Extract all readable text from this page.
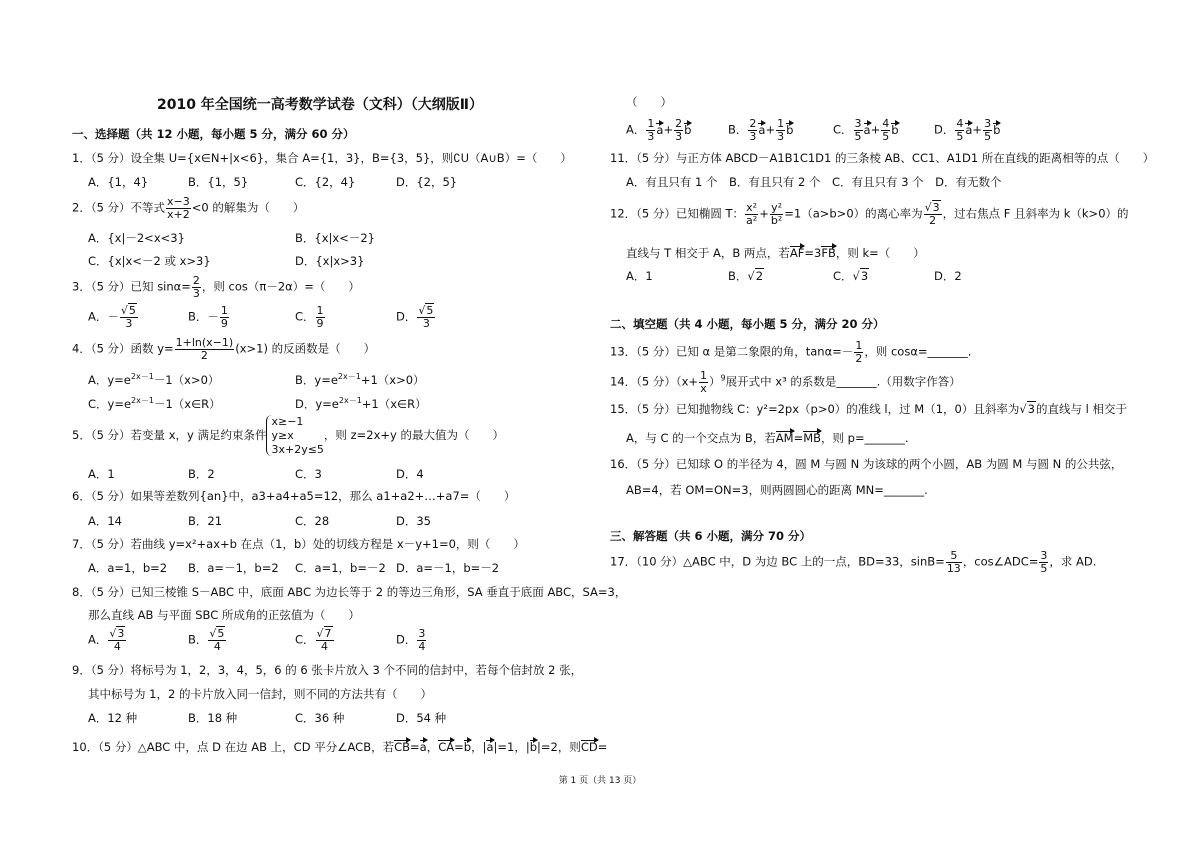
2010 年全国统一高考数学试卷（文科）（大纲版Ⅱ）
一、选择题（共 12 小题，每小题 5 分，满分 60 分）
1．（5 分）设全集 U={x∈N+|x<6}，集合 A={1，3}，B={3，5}，则∁U（A∪B）=（　　）
A．{1，4}	B．{1，5}	C．{2，4}	D．{2，5}
2．（5 分）不等式 $\frac{x-3}{x+2} <0$ 的解集为（　　）
A．{x|－2<x<3}	B．{x|x<－2}
C．{x|x<－2 或 x>3}	D．{x|x>3}
3．（5 分）已知 $\sin\alpha= \frac{2}{3}$ ，则 cos（π－2α）=（　　）
A．－ $\frac{√5}{3}$	B．－ $\frac{1}{9}$	C． $\frac{1}{9}$	D． $\frac{√5}{3}$
4．（5 分）函数 $y= \frac{1+\ln(x-1)}{2} (x>1)$ 的反函数是（　　）
A．$y=e^{2x-1}-1(x>0)$	B．$y=e^{2x-1}+1(x>0)$
C．$y=e^{2x-1}-1(x\in R)$	D．$y=e^{2x-1}+1(x\in R)$
5．（5 分）若变量 x，y 满足约束条件
x≥−1
y≥x
3x+2y≤5
，则 z=2x+y 的最大值为（　　）
A．1	B．2	C．3	D．4
6．（5 分）如果等差数列{an}中，a3+a4+a5=12，那么 a1+a2+…+a7=（　　）
A．14	B．21	C．28	D．35
7．（5 分）若曲线 y=x²+ax+b 在点（1，b）处的切线方程是 x－y+1=0，则（　　）
A．a=1，b=2 B．a=－1，b=2 C．a=1，b=－2 D．a=－1，b=－2
8．（5 分）已知三棱锥 S－ABC 中，底面 ABC 为边长等于 2 的等边三角形，SA 垂直于底面 ABC，SA=3，
那么直线 AB 与平面 SBC 所成角的正弦值为（　　）
A． $\frac{√3}{4}$	B． $\frac{√5}{4}$	C． $\frac{√7}{4}$	D． $\frac{3}{4}$
9．（5 分）将标号为 1，2，3，4，5，6 的 6 张卡片放入 3 个不同的信封中，若每个信封放 2 张，
其中标号为 1，2 的卡片放入同一信封，则不同的方法共有（　　）
A．12 种	B．18 种	C．36 种	D．54 种
10．（5 分）△ABC 中，点 D 在边 AB 上，CD 平分∠ACB，若CB=a，CA=b，|a|=1，|b|=2，则CD=
第 1 页（共 13 页）
（　　）
A． $\frac{1}{3} a+ \frac{2}{3}$ b	B． $\frac{2}{3} a+ \frac{1}{3}$ b	C． $\frac{3}{5} a+ \frac{4}{5}$ b	D． $\frac{4}{5} a+ \frac{3}{5}$ b
11．（5 分）与正方体 ABCD－A1B1C1D1 的三条棱 AB、CC1、A1D1 所在直线的距离相等的点（　　）
A．有且只有 1 个　B．有且只有 2 个　C．有且只有 3 个　D．有无数个
12．（5 分）已知椭圆 T： $\frac{\text{x²}}{\text{a²}} + \frac{\text{y²}}{\text{b²}} =1(a>b>0)$的离心率为 $\frac{√3}{2}$ ，过右焦点 F 且斜率为 k（k>0）的
直线与 T 相交于 A，B 两点，若AF=3FB，则 k=（　　）
A．1	B．√2	C．√3	D．2
二、填空题（共 4 小题，每小题 5 分，满分 20 分）
13．（5 分）已知 α 是第二象限的角，$\tan\alpha=- \frac{1}{2}$ ，则 cosα=_______.
14．（5 分）$(x+ \frac{1}{x} )^9$展开式中 x³ 的系数是_______.（用数字作答）
15．（5 分）已知抛物线 C：y²=2px（p>0）的准线 l，过 M（1，0）且斜率为√3的直线与 l 相交于
A，与 C 的一个交点为 B，若AM=MB，则 p=_______.
16．（5 分）已知球 O 的半径为 4，圆 M 与圆 N 为该球的两个小圆，AB 为圆 M 与圆 N 的公共弦，
AB=4，若 OM=ON=3，则两圆圆心的距离 MN=_______.
三、解答题（共 6 小题，满分 70 分）
17．（10 分）△ABC 中，D 为边 BC 上的一点，BD=33，$\sin B= \frac{5}{13}$ ，cos∠ADC= $\frac{3}{5}$ ，求 AD.
